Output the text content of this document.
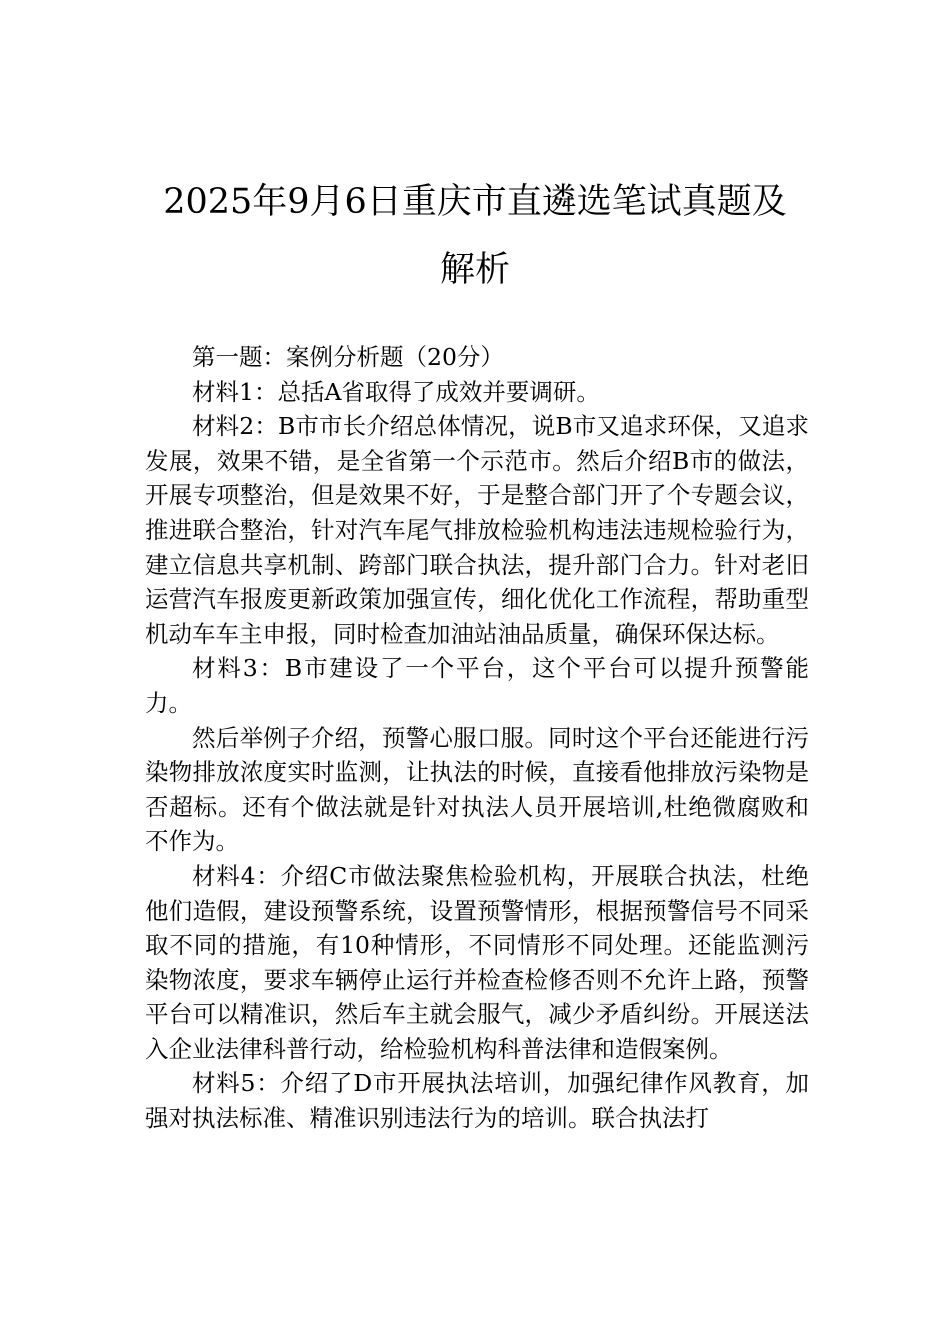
2025年9月6日重庆市直遴选笔试真题及
解析

第一题：案例分析题（20分）

材料1：总括A省取得了成效并要调研。

材料2：B市市长介绍总体情况，说B市又追求环保，又追求发展，效果不错，是全省第一个示范市。然后介绍B市的做法，开展专项整治，但是效果不好，于是整合部门开了个专题会议，推进联合整治，针对汽车尾气排放检验机构违法违规检验行为，建立信息共享机制、跨部门联合执法，提升部门合力。针对老旧运营汽车报废更新政策加强宣传，细化优化工作流程，帮助重型机动车车主申报，同时检查加油站油品质量，确保环保达标。

材料3：B市建设了一个平台，这个平台可以提升预警能力。

然后举例子介绍，预警心服口服。同时这个平台还能进行污染物排放浓度实时监测，让执法的时候，直接看他排放污染物是否超标。还有个做法就是针对执法人员开展培训,杜绝微腐败和不作为。

材料4：介绍C市做法聚焦检验机构，开展联合执法，杜绝他们造假，建设预警系统，设置预警情形，根据预警信号不同采取不同的措施，有10种情形，不同情形不同处理。还能监测污染物浓度，要求车辆停止运行并检查检修否则不允许上路，预警平台可以精准识，然后车主就会服气，减少矛盾纠纷。开展送法入企业法律科普行动，给检验机构科普法律和造假案例。

材料5：介绍了D市开展执法培训，加强纪律作风教育，加强对执法标准、精准识别违法行为的培训。联合执法打
